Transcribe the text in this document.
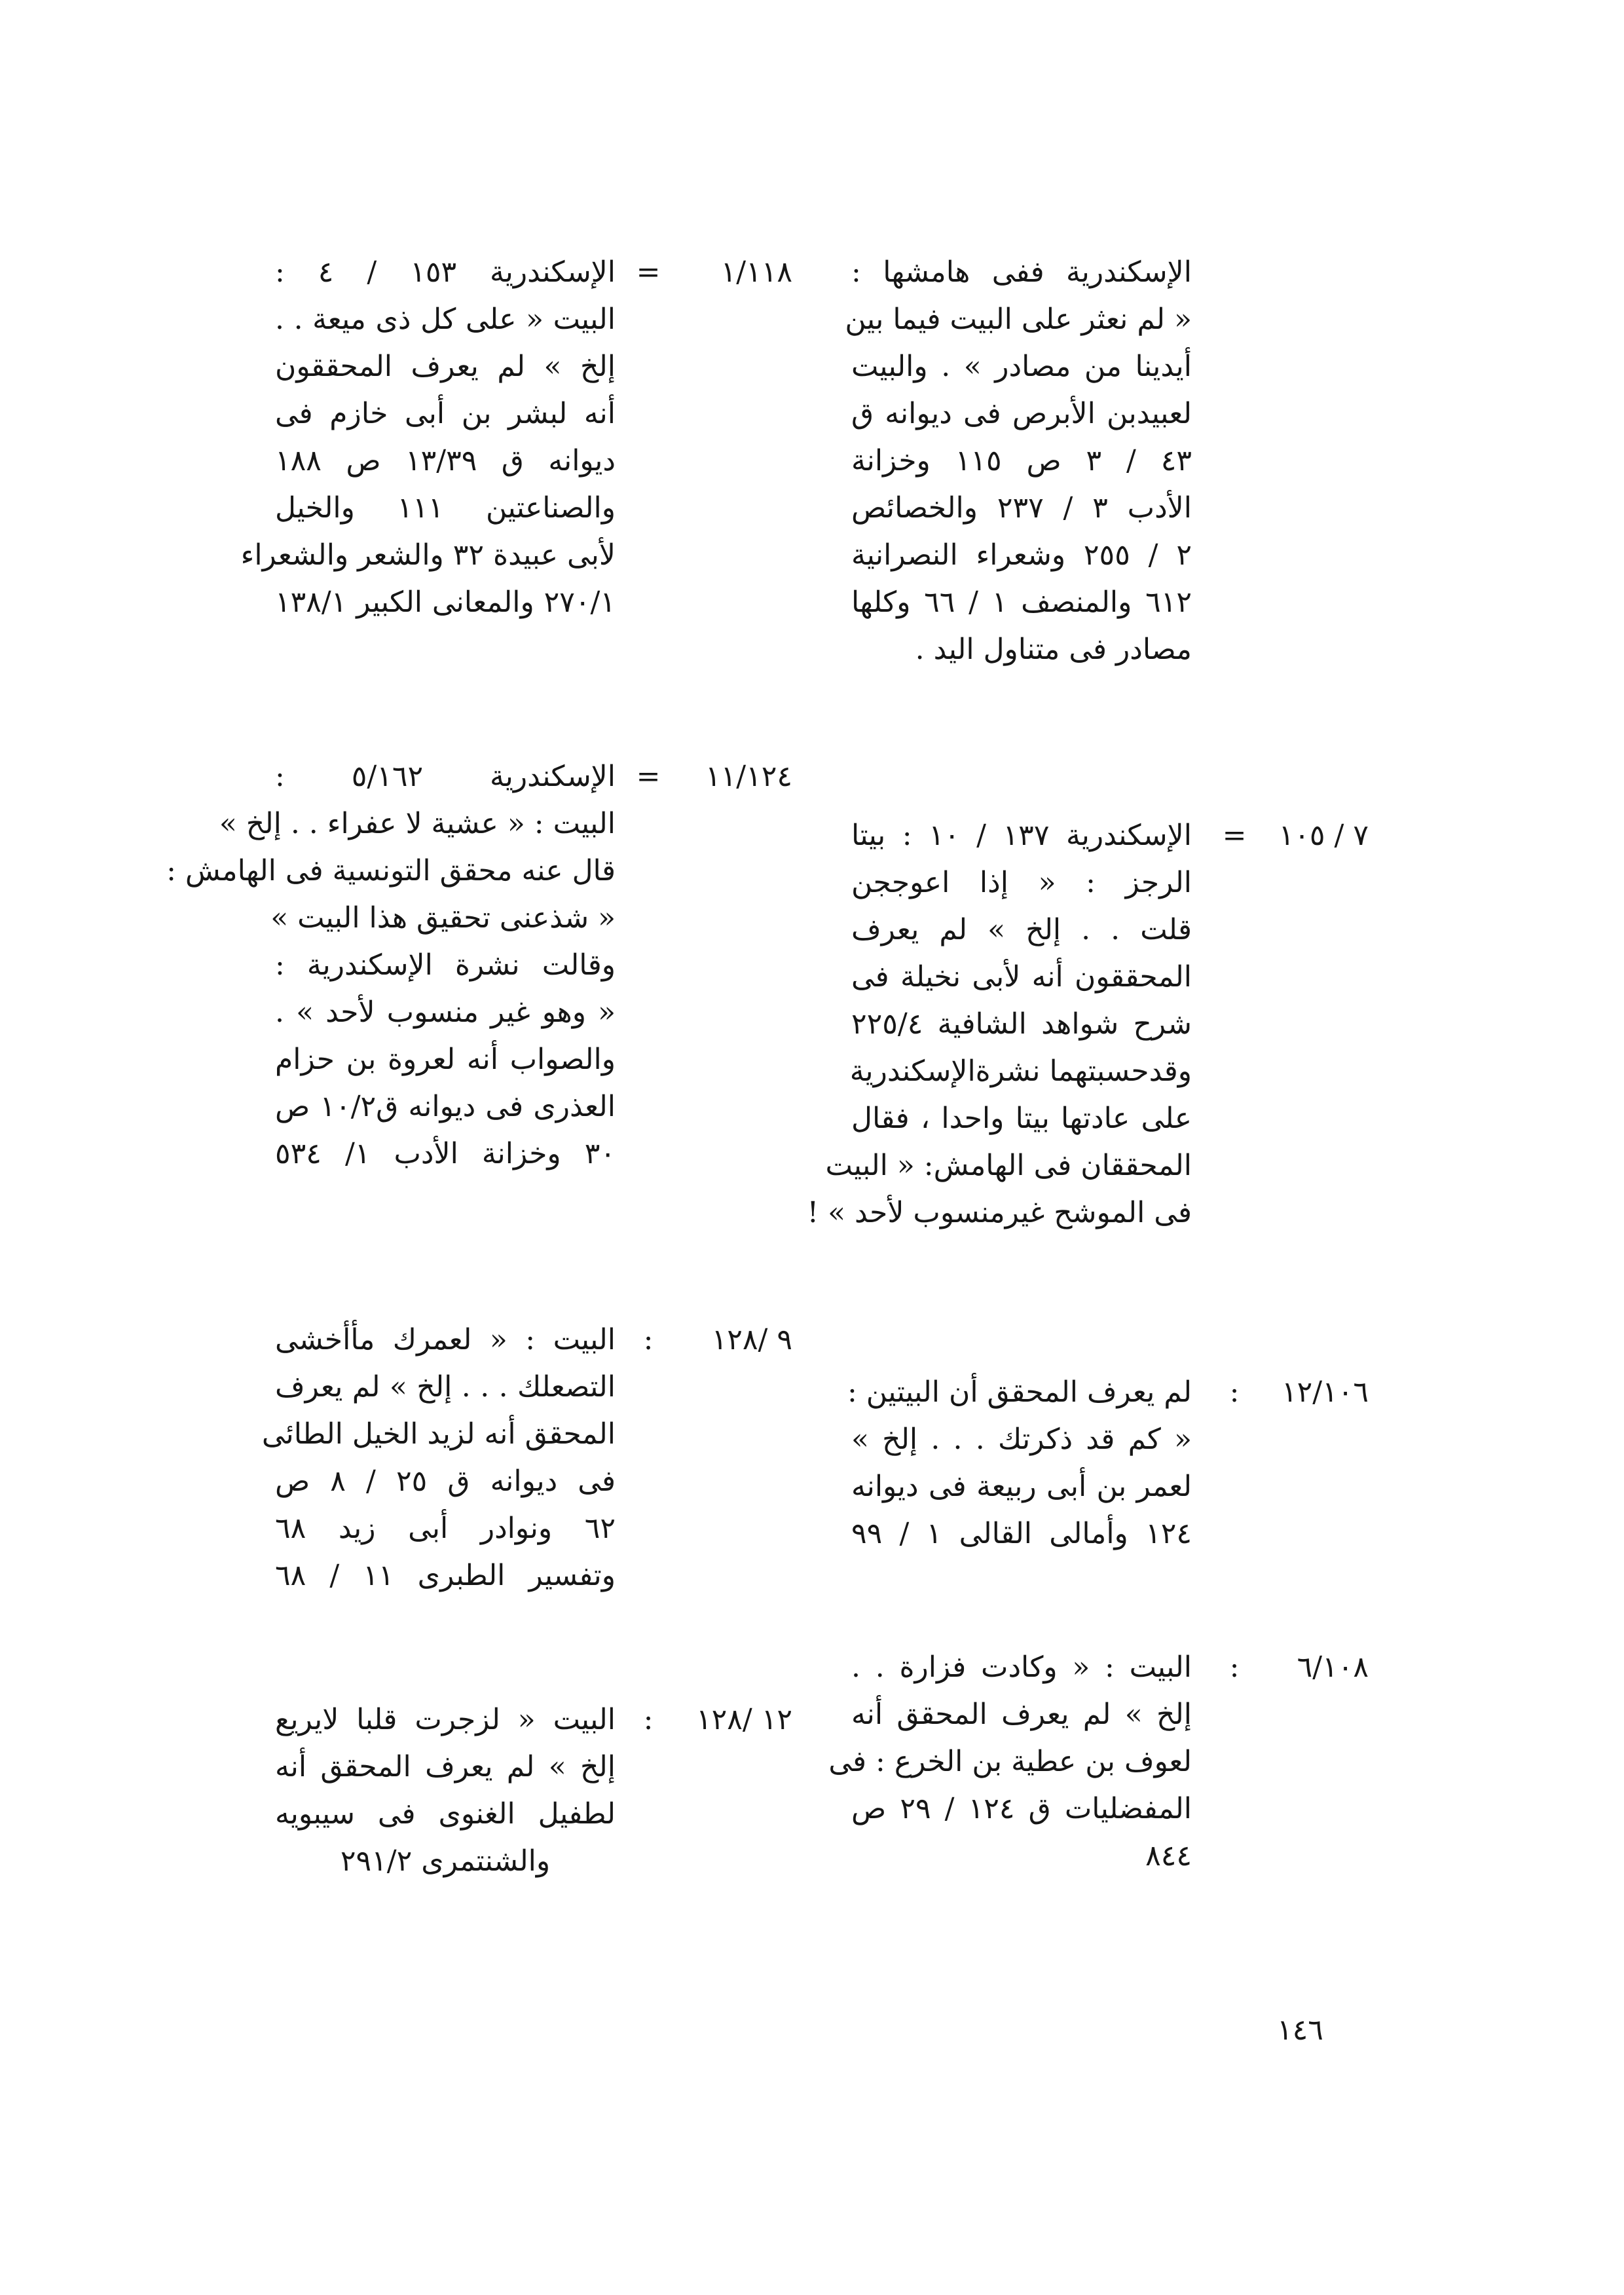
الإسكندرية ففى هامشها :
« لم نعثر على البيت فيما بين
أيدينا من مصادر » . والبيت
لعبيدبن الأبرص فى ديوانه ق
٤٣ / ٣ ص ١١٥ وخزانة
الأدب ٣ / ٢٣٧ والخصائص
٢ / ٢٥٥ وشعراء النصرانية
٦١٢ والمنصف ١ / ٦٦ وكلها
مصادر فى متناول اليد .
٧ / ١٠٥
=
الإسكندرية ١٣٧ / ١٠ : بيتا
الرجز : « إذا اعوججن
قلت . . إلخ » لم يعرف
المحققون أنه لأبى نخيلة فى
شرح شواهد الشافية ٢٢٥/٤
وقدحسبتهما نشرةالإسكندرية
على عادتها بيتا واحدا ، فقال
المحققان فى الهامش: « البيت
فى الموشح غيرمنسوب لأحد » !
١٢/١٠٦
:
لم يعرف المحقق أن البيتين :
« كم قد ذكرتك . . . إلخ »
لعمر بن أبى ربيعة فى ديوانه
١٢٤ وأمالى القالى ١ / ٩٩
٦/١٠٨
:
البيت : « وكادت فزارة . .
إلخ » لم يعرف المحقق أنه
لعوف بن عطية بن الخرع : فى
المفضليات ق ١٢٤ / ٢٩ ص
٨٤٤
١/١١٨
=
الإسكندرية ١٥٣ / ٤ :
البيت « على كل ذى ميعة . .
إلخ » لم يعرف المحققون
أنه لبشر بن أبى خازم فى
ديوانه ق ١٣/٣٩ ص ١٨٨
والصناعتين ١١١ والخيل
لأبى عبيدة ٣٢ والشعر والشعراء
٢٧٠/١ والمعانى الكبير ١٣٨/١
١١/١٢٤
=
الإسكندرية ٥/١٦٢ :
البيت : « عشية لا عفراء . . إلخ »
قال عنه محقق التونسية فى الهامش :
« شذعنى تحقيق هذا البيت »
وقالت نشرة الإسكندرية :
« وهو غير منسوب لأحد » .
والصواب أنه لعروة بن حزام
العذرى فى ديوانه ق١٠/٢ ص
٣٠ وخزانة الأدب ١/ ٥٣٤
٩ /١٢٨
:
البيت : « لعمرك مأأخشى
التصعلك . . . إلخ » لم يعرف
المحقق أنه لزيد الخيل الطائى
فى ديوانه ق ٢٥ / ٨ ص
٦٢ ونوادر أبى زيد ٦٨
وتفسير الطبرى ١١ / ٦٨
١٢ /١٢٨
:
البيت « لزجرت قلبا لايريع
إلخ » لم يعرف المحقق أنه
لطفيل الغنوى فى سيبويه
والشنتمرى ٢٩١/٢
١٤٦
